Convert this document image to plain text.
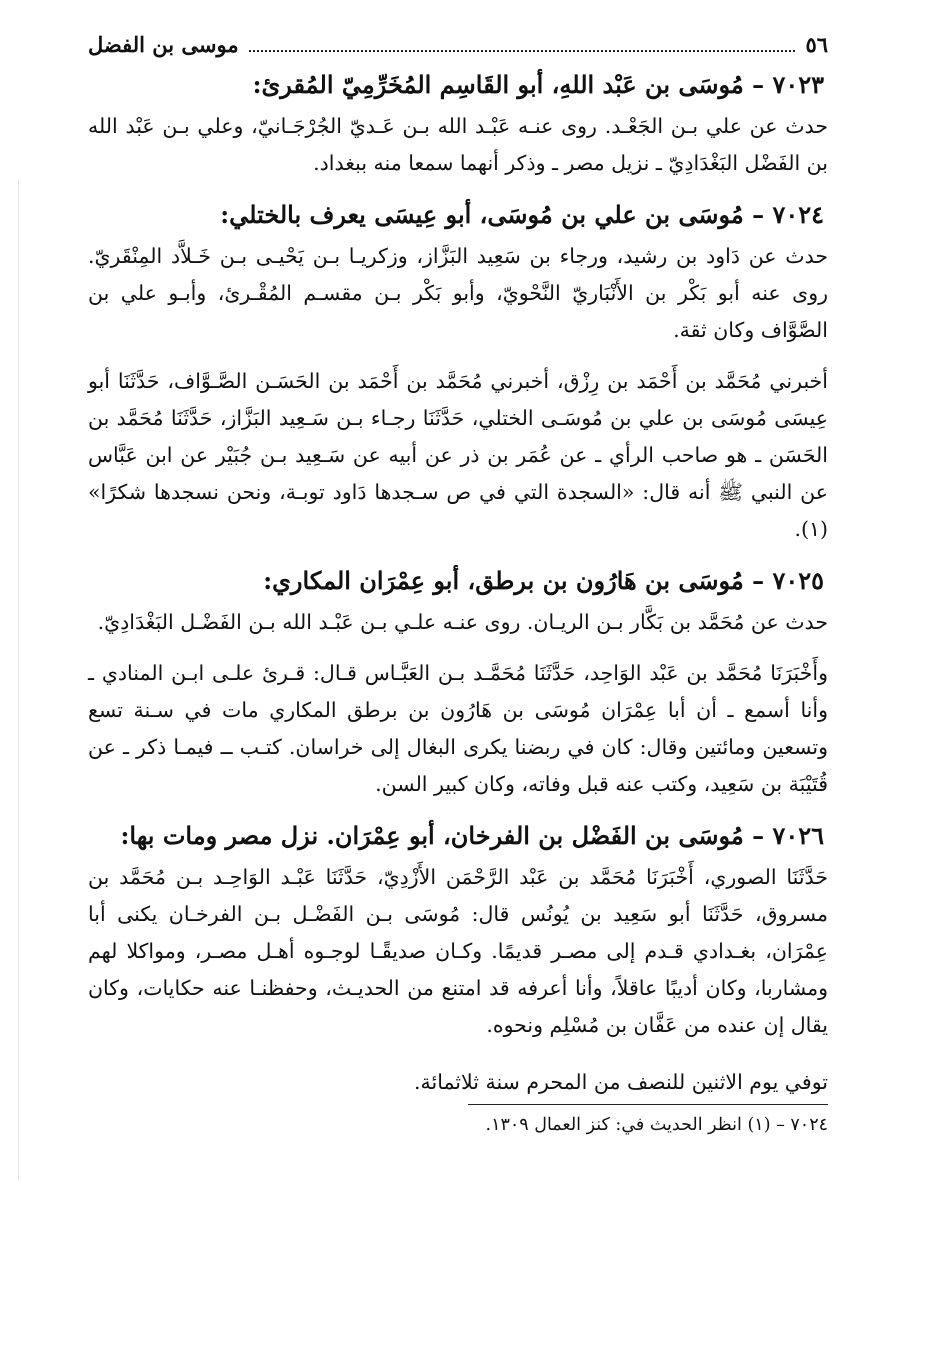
٥٦
موسى بن الفضل
٧٠٢٣ – مُوسَى بن عَبْد اللهِ، أبو القَاسِم المُخَرِّمِيّ المُقرئ:

حدث عن علي بـن الجَعْـد. روى عنـه عَبْـد الله بـن عَـديّ الجُرْجَـانيّ، وعلي بـن عَبْد الله بن الفَضْل البَغْدَادِيّ ـ نزيل مصر ـ وذكر أنهما سمعا منه ببغداد.

٧٠٢٤ – مُوسَى بن علي بن مُوسَى، أبو عِيسَى يعرف بالختلي:

حدث عن دَاود بن رشيد، ورجاء بن سَعِيد البَزَّاز، وزكريـا بـن يَحْيـى بـن خَـلاَّد المِنْقَريّ. روى عنه أبو بَكْر بن الأَنْبَاريّ النَّحْويّ، وأبو بَكْر بـن مقسـم المُقْـرئ، وأبـو علي بن الصَّوَّاف وكان ثقة.

أخبرني مُحَمَّد بن أَحْمَد بن رِزْق، أخبرني مُحَمَّد بن أَحْمَد بن الحَسَـن الصَّـوَّاف، حَدَّثَنَا أبو عِيسَى مُوسَى بن علي بن مُوسَـى الختلي، حَدَّثَنَا رجـاء بـن سَـعِيد البَزَّاز، حَدَّثَنَا مُحَمَّد بن الحَسَن ـ هو صاحب الرأي ـ عن عُمَر بن ذر عن أبيه عن سَـعِيد بـن جُبَيْر عن ابن عَبَّاس عن النبي ﷺ أنه قال: «السجدة التي في ص سـجدها دَاود توبـة، ونحن نسجدها شكرًا» (١).

٧٠٢٥ – مُوسَى بن هَارُون بن برطق، أبو عِمْرَان المكاري:

حدث عن مُحَمَّد بن بَكَّار بـن الريـان. روى عنـه علـي بـن عَبْـد الله بـن الفَضْـل البَغْدَادِيّ.

وأَخْبَرَنَا مُحَمَّد بن عَبْد الوَاحِد، حَدَّثَنَا مُحَمَّـد بـن العَبَّـاس قـال: قـرئ علـى ابـن المنادي ـ وأنا أسمع ـ أن أبا عِمْرَان مُوسَى بن هَارُون بن برطق المكاري مات في سـنة تسع وتسعين ومائتين وقال: كان في ربضنا يكرى البغال إلى خراسان. كتـب ــ فيمـا ذكر ـ عن قُتَيْبَة بن سَعِيد، وكتب عنه قبل وفاته، وكان كبير السن.

٧٠٢٦ – مُوسَى بن الفَضْل بن الفرخان، أبو عِمْرَان. نزل مصر ومات بها:

حَدَّثَنَا الصوري، أَخْبَرَنَا مُحَمَّد بن عَبْد الرَّحْمَن الأَزْدِيّ، حَدَّثَنَا عَبْـد الوَاحِـد بـن مُحَمَّد بن مسروق، حَدَّثَنَا أبو سَعِيد بن يُونُس قال: مُوسَى بـن الفَضْـل بـن الفرخـان يكنى أبا عِمْرَان، بغـدادي قـدم إلى مصـر قديمًا. وكـان صديقًـا لوجـوه أهـل مصـر، ومواكلا لهم ومشاربا، وكان أديبًا عاقلاً، وأنا أعرفه قد امتنع من الحديـث، وحفظنـا عنه حكايات، وكان يقال إن عنده من عَفَّان بن مُسْلِم ونحوه.

توفي يوم الاثنين للنصف من المحرم سنة ثلاثمائة.
٧٠٢٤ – (١) انظر الحديث في: كنز العمال ١٣٠٩.
